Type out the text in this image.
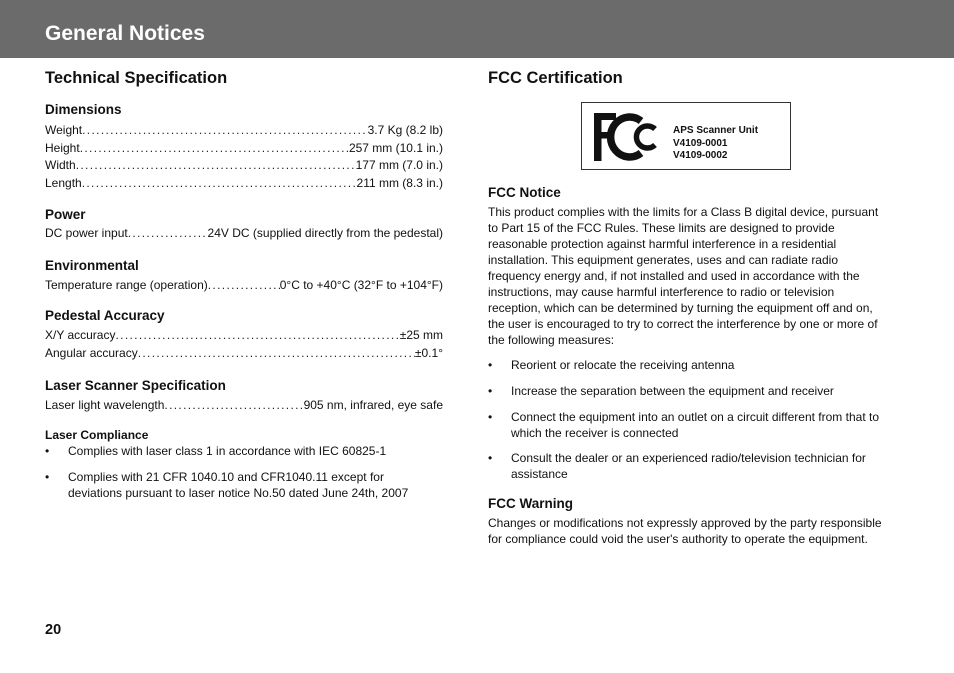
General Notices
Technical Specification
Dimensions
Weight . . .	3.7 Kg (8.2 lb)
Height . . .	257 mm (10.1 in.)
Width . . .	177 mm (7.0 in.)
Length . . .	211 mm (8.3 in.)
Power
DC power input . . .	24V DC (supplied directly from the pedestal)
Environmental
Temperature range (operation) . . .	0°C to +40°C (32°F to +104°F)
Pedestal Accuracy
X/Y accuracy . . .	±25 mm
Angular accuracy . . .	±0.1°
Laser Scanner Specification
Laser light wavelength . . .	905 nm, infrared, eye safe
Laser Compliance
• Complies with laser class 1 in accordance with IEC 60825-1
• Complies with 21 CFR 1040.10 and CFR1040.11 except for deviations pursuant to laser notice No.50 dated June 24th, 2007
FCC Certification
APS Scanner Unit
V4109-0001
V4109-0002
FCC Notice

This product complies with the limits for a Class B digital device, pursuant to Part 15 of the FCC Rules. These limits are designed to provide reasonable protection against harmful interference in a residential installation. This equipment generates, uses and can radiate radio frequency energy and, if not installed and used in accordance with the instructions, may cause harmful interference to radio or television reception, which can be determined by turning the equipment off and on, the user is encouraged to try to correct the interference by one or more of the following measures:

• Reorient or relocate the receiving antenna
• Increase the separation between the equipment and receiver
• Connect the equipment into an outlet on a circuit different from that to which the receiver is connected
• Consult the dealer or an experienced radio/television technician for assistance
FCC Warning

Changes or modifications not expressly approved by the party responsible for compliance could void the user's authority to operate the equipment.

20
